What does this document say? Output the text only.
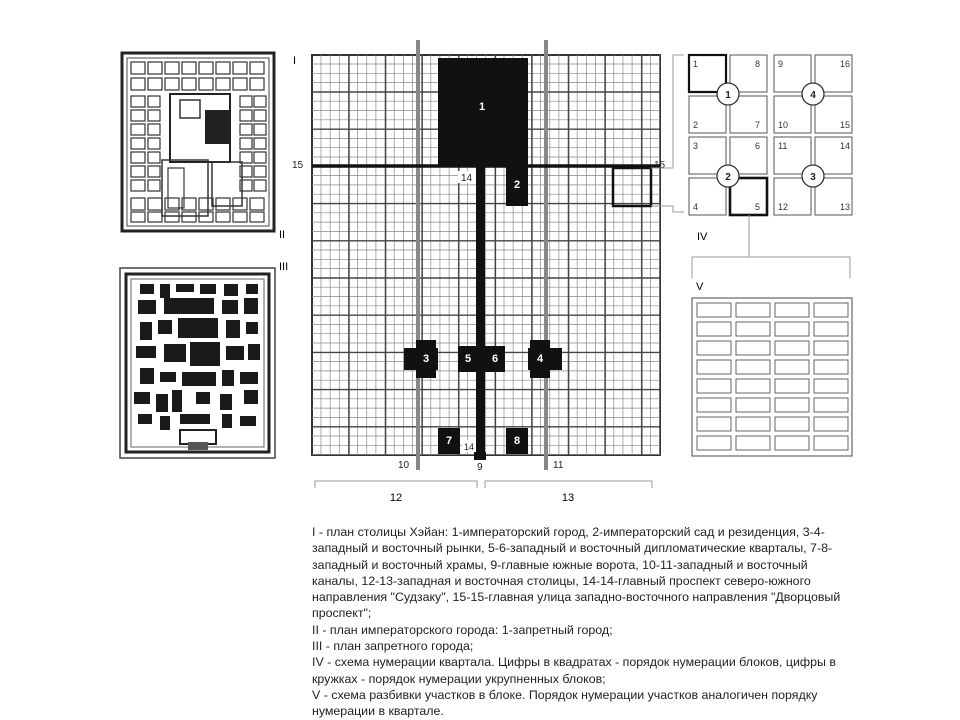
II
III
I
1
2
3	4
5 6
7	8
15	15
14
14
10	9	11
12	13
1	8 9	16
2	7 10	15
3	6 11	14
4	5 12	13
1	4
2	3
IV
V

I - план столицы Хэйан: 1-императорский город, 2-императорский сад и резиденция, 3-4-западный и восточный рынки, 5-6-западный и восточный дипломатические кварталы, 7-8-западный и восточный храмы, 9-главные южные ворота, 10-11-западный и восточный каналы, 12-13-западная и восточная столицы, 14-14-главный проспект северо-южного направления "Судзаку", 15-15-главная улица западно-восточного направления "Дворцовый проспект";

II - план императорского города: 1-запретный город;

III - план запретного города;

IV - схема нумерации квартала. Цифры в квадратах - порядок нумерации блоков, цифры в кружках - порядок нумерации укрупненных блоков;

V - схема разбивки участков в блоке. Порядок нумерации участков аналогичен порядку нумерации в квартале.
